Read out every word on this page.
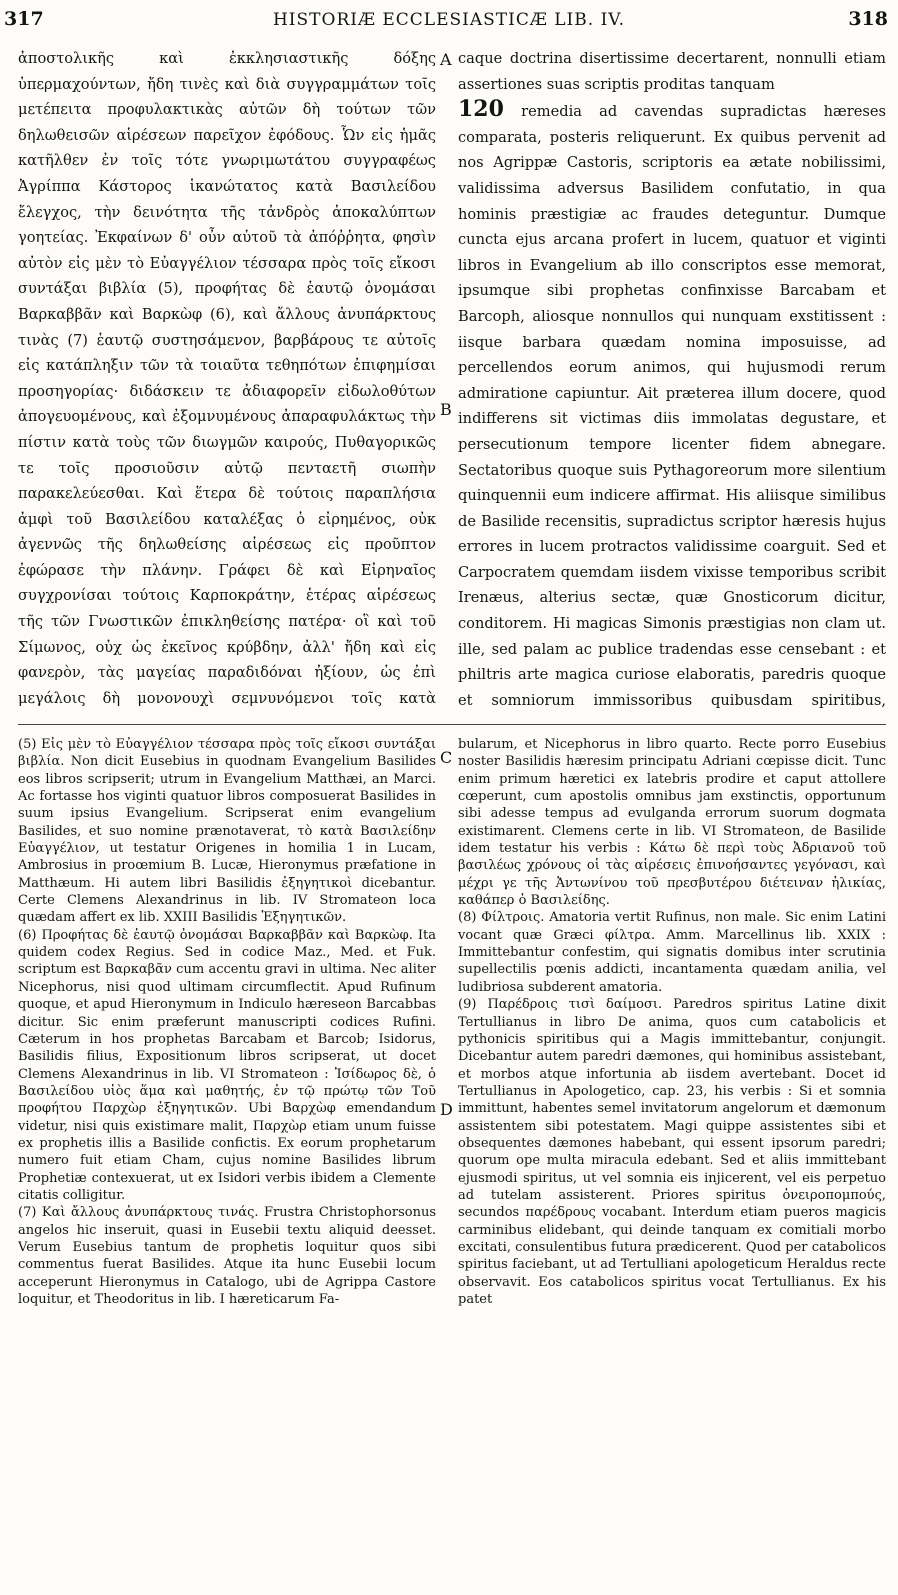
317	HISTORIÆ ECCLESIASTICÆ LIB. IV.	318

ἀποστολικῆς καὶ ἐκκλησιαστικῆς δόξης ὑπερμαχούντων, ἤδη τινὲς καὶ διὰ συγγραμμάτων τοῖς μετέπειτα προφυλακτικὰς αὐτῶν δὴ τούτων τῶν δηλωθεισῶν αἱρέσεων παρεῖχον ἐφόδους. Ὧν εἰς ἡμᾶς κατῆλθεν ἐν τοῖς τότε γνωριμωτάτου συγγραφέως Ἀγρίππα Κάστορος ἱκανώτατος κατὰ Βασιλείδου ἔλεγχος, τὴν δεινότητα τῆς τἀνδρὸς ἀποκαλύπτων γοητείας. Ἐκφαίνων δ' οὖν αὐτοῦ τὰ ἀπόῤῥητα, φησὶν αὐτὸν εἰς μὲν τὸ Εὐαγγέλιον τέσσαρα πρὸς τοῖς εἴκοσι συντάξαι βιβλία (5), προφήτας δὲ ἑαυτῷ ὀνομάσαι Βαρκαββᾶν καὶ Βαρκὼφ (6), καὶ ἄλλους ἀνυπάρκτους τινὰς (7) ἑαυτῷ συστησάμενον, βαρβάρους τε αὐτοῖς εἰς κατάπληξιν τῶν τὰ τοιαῦτα τεθηπότων ἐπιφημίσαι προσηγορίας· διδάσκειν τε ἀδιαφορεῖν εἰδωλοθύτων ἀπογευομένους, καὶ ἐξομνυμένους ἀπαραφυλάκτως τὴν πίστιν κατὰ τοὺς τῶν διωγμῶν καιρούς, Πυθαγορικῶς τε τοῖς προσιοῦσιν αὐτῷ πενταετῆ σιωπὴν παρακελεύεσθαι. Καὶ ἕτερα δὲ τούτοις παραπλήσια ἀμφὶ τοῦ Βασιλείδου καταλέξας ὁ εἰρημένος, οὐκ ἀγεννῶς τῆς δηλωθείσης αἱρέσεως εἰς προῦπτον ἐφώρασε τὴν πλάνην. Γράφει δὲ καὶ Εἰρηναῖος συγχρονίσαι τούτοις Καρποκράτην, ἑτέρας αἱρέσεως τῆς τῶν Γνωστικῶν ἐπικληθείσης πατέρα· οἳ καὶ τοῦ Σίμωνος, οὐχ ὡς ἐκεῖνος κρύβδην, ἀλλ' ἤδη καὶ εἰς φανερὸν, τὰς μαγείας παραδιδόναι ἠξίουν, ὡς ἐπὶ μεγάλοις δὴ μονονουχὶ σεμνυνόμενοι τοῖς κατὰ

caque doctrina disertissime decertarent, nonnulli etiam assertiones suas scriptis proditas tanquam
120 remedia ad cavendas supradictas hæreses comparata, posteris reliquerunt. Ex quibus pervenit ad nos Agrippæ Castoris, scriptoris ea ætate nobilissimi, validissima adversus Basilidem confutatio, in qua hominis præstigiæ ac fraudes deteguntur. Dumque cuncta ejus arcana profert in lucem, quatuor et viginti libros in Evangelium ab illo conscriptos esse memorat, ipsumque sibi prophetas confinxisse Barcabam et Barcoph, aliosque nonnullos qui nunquam exstitissent : iisque barbara quædam nomina imposuisse, ad percellendos eorum animos, qui hujusmodi rerum admiratione capiuntur. Ait præterea illum docere, quod indifferens sit victimas diis immolatas degustare, et persecutionum tempore licenter fidem abnegare. Sectatoribus quoque suis Pythagoreorum more silentium quinquennii eum indicere affirmat. His aliisque similibus de Basilide recensitis, supradictus scriptor hæresis hujus errores in lucem protractos validissime coarguit. Sed et Carpocratem quemdam iisdem vixisse temporibus scribit Irenæus, alterius sectæ, quæ Gnosticorum dicitur, conditorem. Hi magicas Simonis præstigias non clam ut. ille, sed palam ac publice tradendas esse censebant : et philtris arte magica curiose elaboratis, paredris quoque et somniorum immissoribus quibusdam spiritibus,

A
B
C
D

(5) Εἰς μὲν τὸ Εὐαγγέλιον τέσσαρα πρὸς τοῖς εἴκοσι συντάξαι βιβλία. Non dicit Eusebius in quodnam Evangelium Basilides eos libros scripserit; utrum in Evangelium Matthæi, an Marci. Ac fortasse hos viginti quatuor libros composuerat Basilides in suum ipsius Evangelium. Scripserat enim evangelium Basilides, et suo nomine prænotaverat, τὸ κατὰ Βασιλείδην Εὐαγγέλιον, ut testatur Origenes in homilia 1 in Lucam, Ambrosius in proœmium B. Lucæ, Hieronymus præfatione in Matthæum. Hi autem libri Basilidis ἐξηγητικοὶ dicebantur. Certe Clemens Alexandrinus in lib. IV Stromateon loca quædam affert ex lib. XXIII Basilidis Ἐξηγητικῶν.

(6) Προφήτας δὲ ἑαυτῷ ὀνομάσαι Βαρκαββᾶν καὶ Βαρκὼφ. Ita quidem codex Regius. Sed in codice Maz., Med. et Fuk. scriptum est Βαρκαβᾶν cum accentu gravi in ultima. Nec aliter Nicephorus, nisi quod ultimam circumflectit. Apud Rufinum quoque, et apud Hieronymum in Indiculo hæreseon Barcabbas dicitur. Sic enim præferunt manuscripti codices Rufini. Cæterum in hos prophetas Barcabam et Barcob; Isidorus, Basilidis filius, Expositionum libros scripserat, ut docet Clemens Alexandrinus in lib. VI Stromateon : Ἰσίδωρος δὲ, ὁ Βασιλείδου υἱὸς ἅμα καὶ μαθητής, ἐν τῷ πρώτῳ τῶν Τοῦ προφήτου Παρχὼρ ἐξηγητικῶν. Ubi Βαρχὼφ emendandum videtur, nisi quis existimare malit, Παρχὼρ etiam unum fuisse ex prophetis illis a Basilide confictis. Ex eorum prophetarum numero fuit etiam Cham, cujus nomine Basilides librum Prophetiæ contexuerat, ut ex Isidori verbis ibidem a Clemente citatis colligitur.

(7) Καὶ ἄλλους ἀνυπάρκτους τινάς. Frustra Christophorsonus angelos hic inseruit, quasi in Eusebii textu aliquid deesset. Verum Eusebius tantum de prophetis loquitur quos sibi commentus fuerat Basilides. Atque ita hunc Eusebii locum acceperunt Hieronymus in Catalogo, ubi de Agrippa Castore loquitur, et Theodoritus in lib. I hæreticarum Fa-

bularum, et Nicephorus in libro quarto. Recte porro Eusebius noster Basilidis hæresim principatu Adriani cœpisse dicit. Tunc enim primum hæretici ex latebris prodire et caput attollere cœperunt, cum apostolis omnibus jam exstinctis, opportunum sibi adesse tempus ad evulganda errorum suorum dogmata existimarent. Clemens certe in lib. VI Stromateon, de Basilide idem testatur his verbis : Κάτω δὲ περὶ τοὺς Ἀδριανοῦ τοῦ βασιλέως χρόνους οἱ τὰς αἱρέσεις ἐπινοήσαντες γεγόνασι, καὶ μέχρι γε τῆς Ἀντωνίνου τοῦ πρεσβυτέρου διέτειναν ἡλικίας, καθάπερ ὁ Βασιλείδης.

(8) Φίλτροις. Amatoria vertit Rufinus, non male. Sic enim Latini vocant quæ Græci φίλτρα. Amm. Marcellinus lib. XXIX : Immittebantur confestim, qui signatis domibus inter scrutinia supellectilis pœnis addicti, incantamenta quædam anilia, vel ludibriosa subderent amatoria.

(9) Παρέδροις τισὶ δαίμοσι. Paredros spiritus Latine dixit Tertullianus in libro De anima, quos cum catabolicis et pythonicis spiritibus qui a Magis immittebantur, conjungit. Dicebantur autem paredri dæmones, qui hominibus assistebant, et morbos atque infortunia ab iisdem avertebant. Docet id Tertullianus in Apologetico, cap. 23, his verbis : Si et somnia immittunt, habentes semel invitatorum angelorum et dæmonum assistentem sibi potestatem. Magi quippe assistentes sibi et obsequentes dæmones habebant, qui essent ipsorum paredri; quorum ope multa miracula edebant. Sed et aliis immittebant ejusmodi spiritus, ut vel somnia eis injicerent, vel eis perpetuo ad tutelam assisterent. Priores spiritus ὀνειροπομπούς, secundos παρέδρους vocabant. Interdum etiam pueros magicis carminibus elidebant, qui deinde tanquam ex comitiali morbo excitati, consulentibus futura prædicerent. Quod per catabolicos spiritus faciebant, ut ad Tertulliani apologeticum Heraldus recte observavit. Eos catabolicos spiritus vocat Tertullianus. Ex his patet
